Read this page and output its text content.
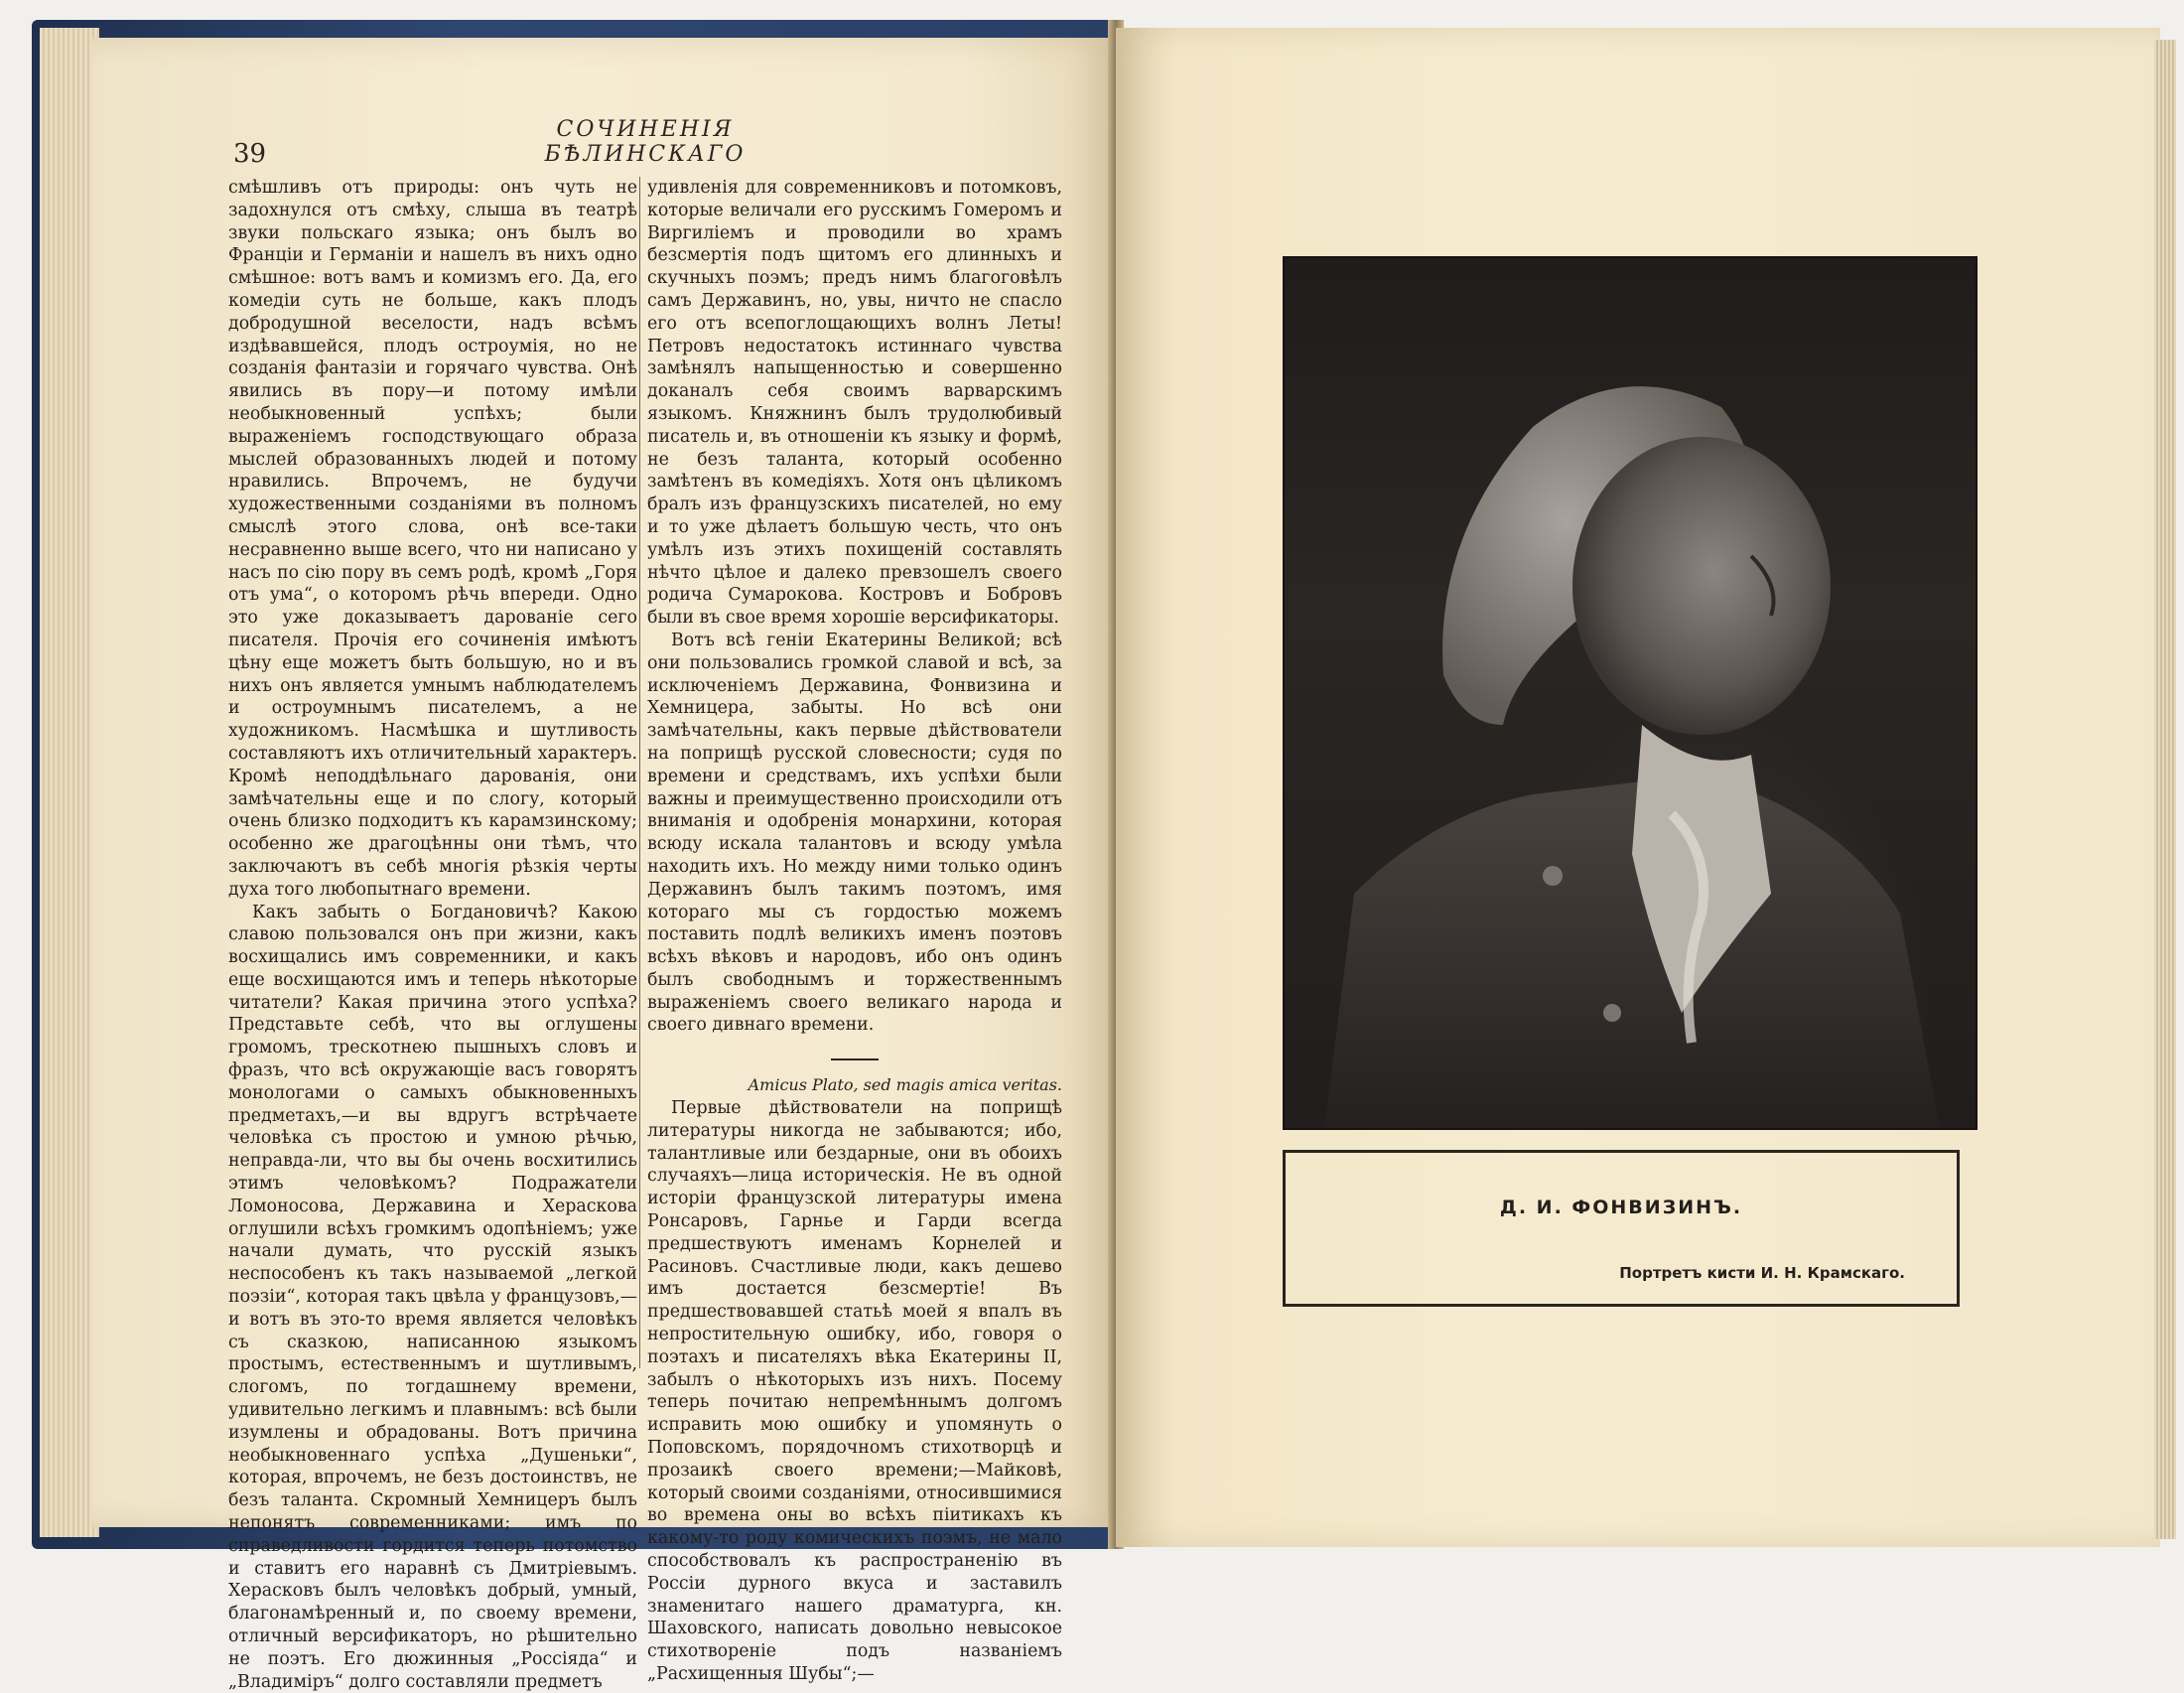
39
СОЧИНЕНІЯ БѢЛИНСКАГО

смѣшливъ отъ природы: онъ чуть не задохнулся отъ смѣху, слыша въ театрѣ звуки польскаго языка; онъ былъ во Франціи и Германіи и нашелъ въ нихъ одно смѣшное: вотъ вамъ и комизмъ его. Да, его комедіи суть не больше, какъ плодъ добродушной веселости, надъ всѣмъ издѣвавшейся, плодъ остроумія, но не созданія фантазіи и горячаго чувства. Онѣ явились въ пору—и потому имѣли необыкновенный успѣхъ; были выраженіемъ господствующаго образа мыслей образованныхъ людей и потому нравились. Впрочемъ, не будучи художественными созданіями въ полномъ смыслѣ этого слова, онѣ все-таки несравненно выше всего, что ни написано у насъ по сію пору въ семъ родѣ, кромѣ „Горя отъ ума“, о которомъ рѣчь впереди. Одно это уже доказываетъ дарованіе сего писателя. Прочія его сочиненія имѣютъ цѣну еще можетъ быть большую, но и въ нихъ онъ является умнымъ наблюдателемъ и остроумнымъ писателемъ, а не художникомъ. Насмѣшка и шутливость составляютъ ихъ отличительный характеръ. Кромѣ неподдѣльнаго дарованія, они замѣчательны еще и по слогу, который очень близко подходитъ къ карамзинскому; особенно же драгоцѣнны они тѣмъ, что заключаютъ въ себѣ многія рѣзкія черты духа того любопытнаго времени.

Какъ забыть о Богдановичѣ? Какою славою пользовался онъ при жизни, какъ восхищались имъ современники, и какъ еще восхищаются имъ и теперь нѣкоторые читатели? Какая причина этого успѣха? Представьте себѣ, что вы оглушены громомъ, трескотнею пышныхъ словъ и фразъ, что всѣ окружающіе васъ говорятъ монологами о самыхъ обыкновенныхъ предметахъ,—и вы вдругъ встрѣчаете человѣка съ простою и умною рѣчью, неправда-ли, что вы бы очень восхитились этимъ человѣкомъ? Подражатели Ломоносова, Державина и Хераскова оглушили всѣхъ громкимъ одопѣніемъ; уже начали думать, что русскій языкъ неспособенъ къ такъ называемой „легкой поэзіи“, которая такъ цвѣла у французовъ,—и вотъ въ это-то время является человѣкъ съ сказкою, написанною языкомъ простымъ, естественнымъ и шутливымъ, слогомъ, по тогдашнему времени, удивительно легкимъ и плавнымъ: всѣ были изумлены и обрадованы. Вотъ причина необыкновеннаго успѣха „Душеньки“, которая, впрочемъ, не безъ достоинствъ, не безъ таланта. Скромный Хемницеръ былъ непонятъ современниками; имъ по справедливости гордится теперь потомство и ставитъ его наравнѣ съ Дмитріевымъ. Херасковъ былъ человѣкъ добрый, умный, благонамѣренный и, по своему времени, отличный версификаторъ, но рѣшительно не поэтъ. Его дюжинныя „Россіяда“ и „Владиміръ“ долго составляли предметъ

удивленія для современниковъ и потомковъ, которые величали его русскимъ Гомеромъ и Виргиліемъ и проводили во храмъ безсмертія подъ щитомъ его длинныхъ и скучныхъ поэмъ; предъ нимъ благоговѣлъ самъ Державинъ, но, увы, ничто не спасло его отъ всепоглощающихъ волнъ Леты! Петровъ недостатокъ истиннаго чувства замѣнялъ напыщенностью и совершенно доканалъ себя своимъ варварскимъ языкомъ. Княжнинъ былъ трудолюбивый писатель и, въ отношеніи къ языку и формѣ, не безъ таланта, который особенно замѣтенъ въ комедіяхъ. Хотя онъ цѣликомъ бралъ изъ французскихъ писателей, но ему и то уже дѣлаетъ большую честь, что онъ умѣлъ изъ этихъ похищеній составлять нѣчто цѣлое и далеко превзошелъ своего родича Сумарокова. Костровъ и Бобровъ были въ свое время хорошіе версификаторы.

Вотъ всѣ геніи Екатерины Великой; всѣ они пользовались громкой славой и всѣ, за исключеніемъ Державина, Фонвизина и Хемницера, забыты. Но всѣ они замѣчательны, какъ первые дѣйствователи на поприщѣ русской словесности; судя по времени и средствамъ, ихъ успѣхи были важны и преимущественно происходили отъ вниманія и одобренія монархини, которая всюду искала талантовъ и всюду умѣла находить ихъ. Но между ними только одинъ Державинъ былъ такимъ поэтомъ, имя котораго мы съ гордостью можемъ поставить подлѣ великихъ именъ поэтовъ всѣхъ вѣковъ и народовъ, ибо онъ одинъ былъ свободнымъ и торжественнымъ выраженіемъ своего великаго народа и своего дивнаго времени.

Amicus Plato, sed magis amica veritas.

Первые дѣйствователи на поприщѣ литературы никогда не забываются; ибо, талантливые или бездарные, они въ обоихъ случаяхъ—лица историческія. Не въ одной исторіи французской литературы имена Ронсаровъ, Гарнье и Гарди всегда предшествуютъ именамъ Корнелей и Расиновъ. Счастливые люди, какъ дешево имъ достается безсмертіе! Въ предшествовавшей статьѣ моей я впалъ въ непростительную ошибку, ибо, говоря о поэтахъ и писателяхъ вѣка Екатерины II, забылъ о нѣкоторыхъ изъ нихъ. Посему теперь почитаю непремѣннымъ долгомъ исправить мою ошибку и упомянуть о Поповскомъ, порядочномъ стихотворцѣ и прозаикѣ своего времени;—Майковѣ, который своими созданіями, относившимися во времена оны во всѣхъ піитикахъ къ какому-то роду комическихъ поэмъ, не мало способствовалъ къ распространенію въ Россіи дурного вкуса и заставилъ знаменитаго нашего драматурга, кн. Шаховского, написать довольно невысокое стихотвореніе подъ названіемъ „Расхищенныя Шубы“;—

Д. И. ФОНВИЗИНЪ.
Портретъ кисти И. Н. Крамскаго.
